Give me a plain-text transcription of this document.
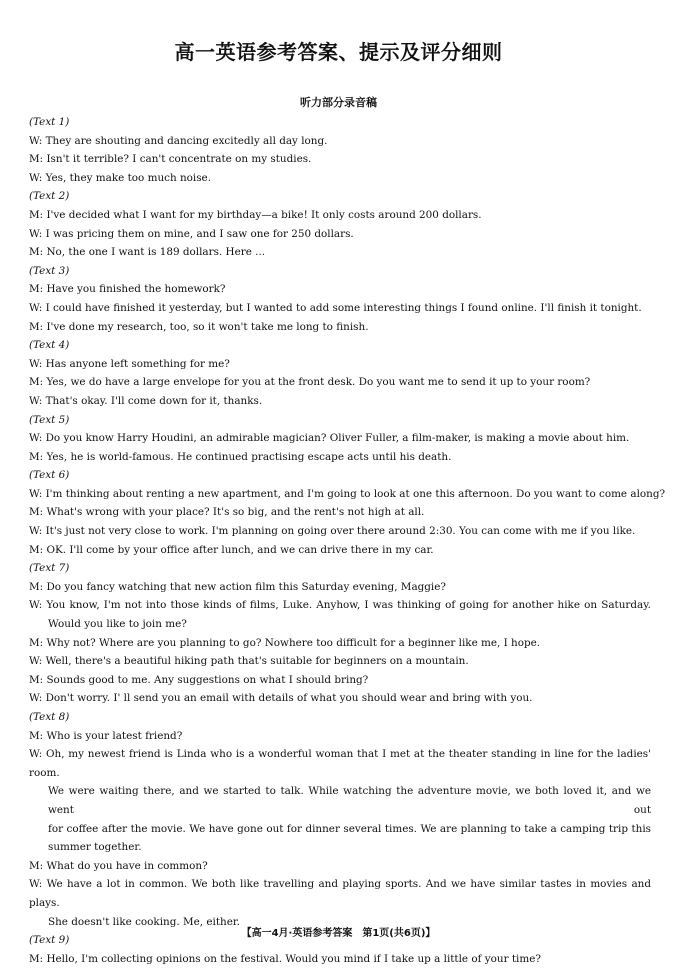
高一英语参考答案、提示及评分细则
听力部分录音稿
(Text 1)
W: They are shouting and dancing excitedly all day long.
M: Isn't it terrible? I can't concentrate on my studies.
W: Yes, they make too much noise.
(Text 2)
M: I've decided what I want for my birthday—a bike! It only costs around 200 dollars.
W: I was pricing them on mine, and I saw one for 250 dollars.
M: No, the one I want is 189 dollars. Here ...
(Text 3)
M: Have you finished the homework?
W: I could have finished it yesterday, but I wanted to add some interesting things I found online. I'll finish it tonight.
M: I've done my research, too, so it won't take me long to finish.
(Text 4)
W: Has anyone left something for me?
M: Yes, we do have a large envelope for you at the front desk. Do you want me to send it up to your room?
W: That's okay. I'll come down for it, thanks.
(Text 5)
W: Do you know Harry Houdini, an admirable magician? Oliver Fuller, a film-maker, is making a movie about him.
M: Yes, he is world-famous. He continued practising escape acts until his death.
(Text 6)
W: I'm thinking about renting a new apartment, and I'm going to look at one this afternoon. Do you want to come along?
M: What's wrong with your place? It's so big, and the rent's not high at all.
W: It's just not very close to work. I'm planning on going over there around 2:30. You can come with me if you like.
M: OK. I'll come by your office after lunch, and we can drive there in my car.
(Text 7)
M: Do you fancy watching that new action film this Saturday evening, Maggie?
W: You know, I'm not into those kinds of films, Luke. Anyhow, I was thinking of going for another hike on Saturday.
Would you like to join me?
M: Why not? Where are you planning to go? Nowhere too difficult for a beginner like me, I hope.
W: Well, there's a beautiful hiking path that's suitable for beginners on a mountain.
M: Sounds good to me. Any suggestions on what I should bring?
W: Don't worry. I' ll send you an email with details of what you should wear and bring with you.
(Text 8)
M: Who is your latest friend?
W: Oh, my newest friend is Linda who is a wonderful woman that I met at the theater standing in line for the ladies' room.
We were waiting there, and we started to talk. While watching the adventure movie, we both loved it, and we went out
for coffee after the movie. We have gone out for dinner several times. We are planning to take a camping trip this
summer together.
M: What do you have in common?
W: We have a lot in common. We both like travelling and playing sports. And we have similar tastes in movies and plays.
She doesn't like cooking. Me, either.
(Text 9)
M: Hello, I'm collecting opinions on the festival. Would you mind if I take up a little of your time?
【高一4月·英语参考答案　第1页(共6页)】
